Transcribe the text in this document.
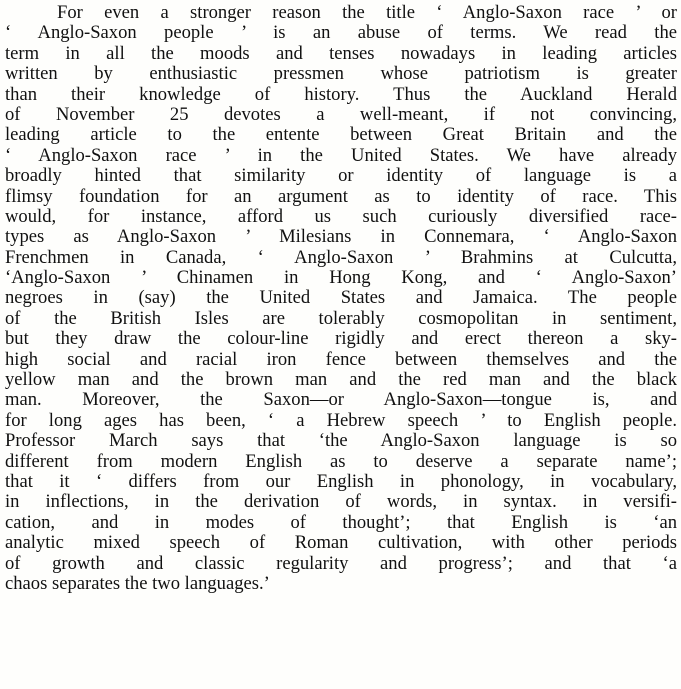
For even a stronger reason the title ‘ Anglo-Saxon race ’ or
‘ Anglo-Saxon people ’ is an abuse of terms. We read the
term in all the moods and tenses nowadays in leading articles
written by enthusiastic pressmen whose patriotism is greater
than their knowledge of history. Thus the Auckland Herald
of November 25 devotes a well-meant, if not convincing,
leading article to the entente between Great Britain and the
‘ Anglo-Saxon race ’ in the United States. We have already
broadly hinted that similarity or identity of language is a
flimsy foundation for an argument as to identity of race. This
would, for instance, afford us such curiously diversified race-
types as Anglo-Saxon ’ Milesians in Connemara, ‘ Anglo-Saxon
Frenchmen in Canada, ‘ Anglo-Saxon ’ Brahmins at Culcutta,
‘Anglo-Saxon ’ Chinamen in Hong Kong, and ‘ Anglo-Saxon’
negroes in (say) the United States and Jamaica. The people
of the British Isles are tolerably cosmopolitan in sentiment,
but they draw the colour-line rigidly and erect thereon a sky-
high social and racial iron fence between themselves and the
yellow man and the brown man and the red man and the black
man. Moreover, the Saxon—or Anglo-Saxon—tongue is, and
for long ages has been, ‘ a Hebrew speech ’ to English people.
Professor March says that ‘the Anglo-Saxon language is so
different from modern English as to deserve a separate name’;
that it ‘ differs from our English in phonology, in vocabulary,
in inflections, in the derivation of words, in syntax. in versifi-
cation, and in modes of thought’; that English is ‘an
analytic mixed speech of Roman cultivation, with other periods
of growth and classic regularity and progress’; and that ‘a
chaos separates the two languages.’
